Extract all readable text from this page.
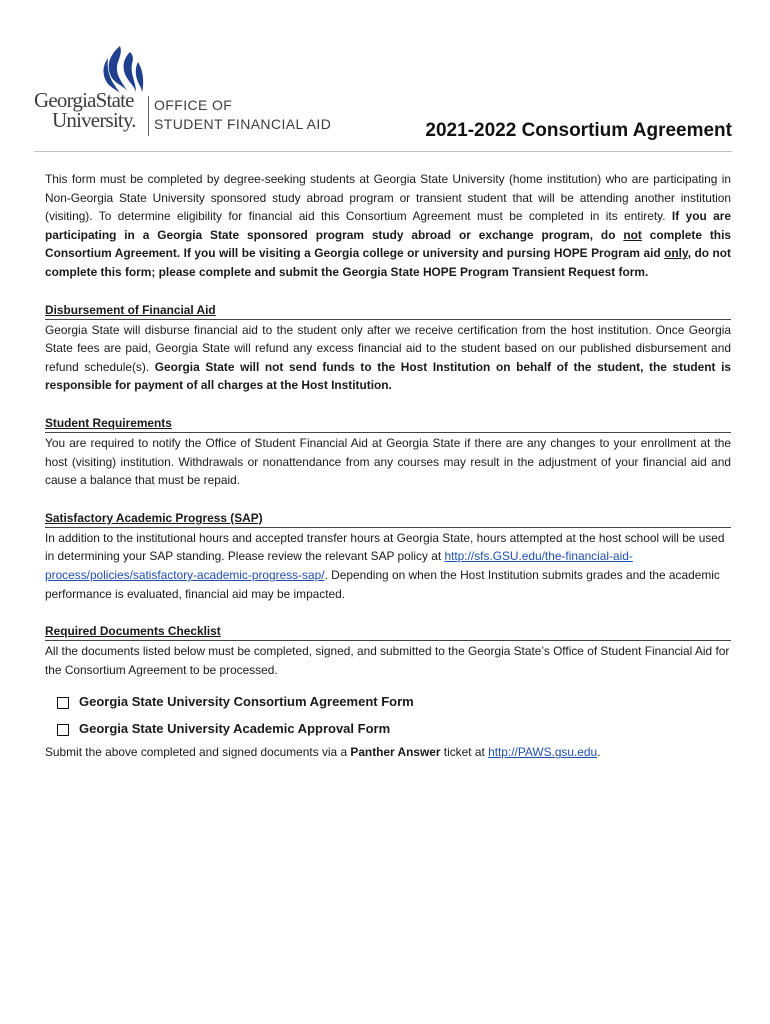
GeorgiaState
University.
OFFICE OF
STUDENT FINANCIAL AID	2021-2022 Consortium Agreement

This form must be completed by degree-seeking students at Georgia State University (home institution) who are participating in Non-Georgia State University sponsored study abroad program or transient student that will be attending another institution (visiting). To determine eligibility for financial aid this Consortium Agreement must be completed in its entirety. If you are participating in a Georgia State sponsored program study abroad or exchange program, do not complete this Consortium Agreement. If you will be visiting a Georgia college or university and pursing HOPE Program aid only, do not complete this form; please complete and submit the Georgia State HOPE Program Transient Request form.

Disbursement of Financial Aid

Georgia State will disburse financial aid to the student only after we receive certification from the host institution. Once Georgia State fees are paid, Georgia State will refund any excess financial aid to the student based on our published disbursement and refund schedule(s). Georgia State will not send funds to the Host Institution on behalf of the student, the student is responsible for payment of all charges at the Host Institution.

Student Requirements

You are required to notify the Office of Student Financial Aid at Georgia State if there are any changes to your enrollment at the host (visiting) institution. Withdrawals or nonattendance from any courses may result in the adjustment of your financial aid and cause a balance that must be repaid.

Satisfactory Academic Progress (SAP)

In addition to the institutional hours and accepted transfer hours at Georgia State, hours attempted at the host school will be used in determining your SAP standing. Please review the relevant SAP policy at http://sfs.GSU.edu/the-financial-aid- process/policies/satisfactory-academic-progress-sap/. Depending on when the Host Institution submits grades and the academic performance is evaluated, financial aid may be impacted.

Required Documents Checklist

All the documents listed below must be completed, signed, and submitted to the Georgia State’s Office of Student Financial Aid for the Consortium Agreement to be processed.

Georgia State University Consortium Agreement Form
Georgia State University Academic Approval Form

Submit the above completed and signed documents via a Panther Answer ticket at http://PAWS.gsu.edu.
